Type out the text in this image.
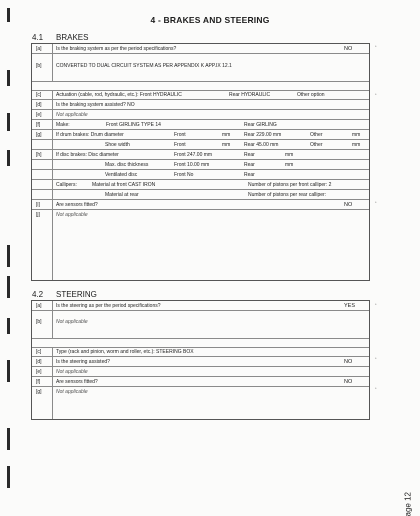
4 - BRAKES AND STEERING
4.1 BRAKES
[a]	Is the braking system as per the period specifications?	NO
[b]	CONVERTED TO DUAL CIRCUIT SYSTEM AS PER APPENDIX K APP.IX 12.1
[c]	Actuation (cable, rod, hydraulic, etc.): Front HYDRAULIC	Rear HYDRAULIC	Other option
[d]	Is the braking system assisted? NO
[e]	Not applicable
[f]	Make:	Front GIRLING TYPE 14	Rear GIRLING
[g]	If drum brakes: Drum diameter	Front	mm	Rear 229.00 mm	Other	mm
Shoe width	Front	mm	Rear 45.00 mm	Other	mm
[h]	If disc brakes: Disc diameter	Front 247.00 mm	Rear	mm
Max. disc thickness	Front 10.00 mm	Rear	mm
Ventilated disc	Front No	Rear
Callipers:	Material at front CAST IRON	Number of pistons per front calliper: 2
Material at rear	Number of pistons per rear calliper:
[i]	Are sensors fitted?	NO
[j]	Not applicable
4.2 STEERING
[a]	Is the steering as per the period specifications?	YES
[b]	Not applicable
[c]	Type (rack and pinion, worm and roller, etc.): STEERING BOX
[d]	Is the steering assisted?	NO
[e]	Not applicable
[f]	Are sensors fitted?	NO
[g]	Not applicable
*
*
*
*
*
*
age 12
